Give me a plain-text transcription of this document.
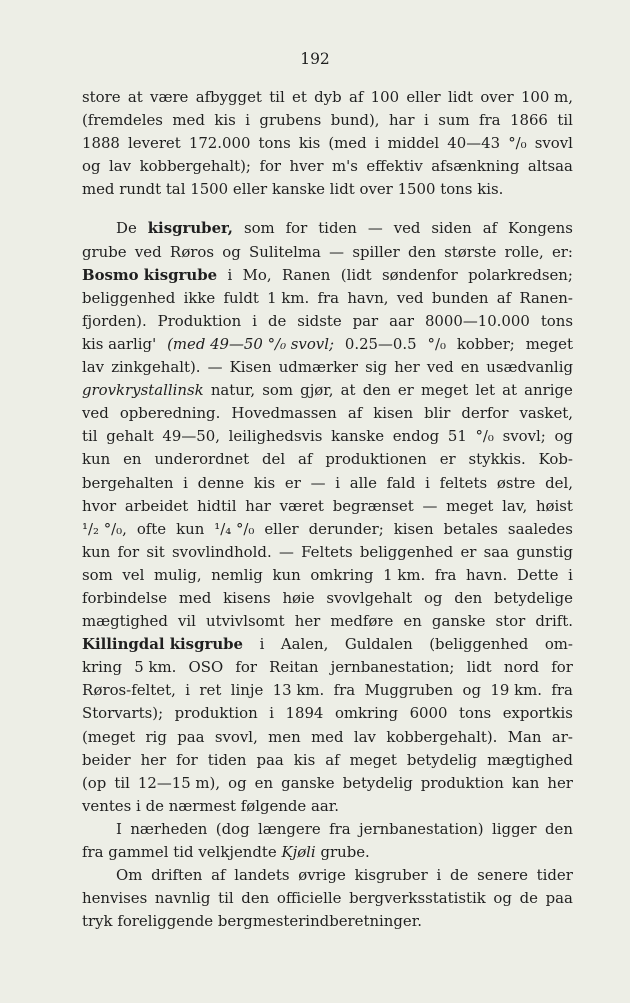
192
store at være afbygget til et dyb af 100 eller lidt over 100 m,
(fremdeles med kis i grubens bund), har i sum fra 1866 til
1888 leveret 172.000 tons kis (med i middel 40—43 °/₀ svovl
og lav kobbergehalt); for hver m's effektiv afsænkning altsaa
med rundt tal 1500 eller kanske lidt over 1500 tons kis.
De kisgruber, som for tiden — ved siden af Kongens
grube ved Røros og Sulitelma — spiller den største rolle, er:
Bosmo kisgrube i Mo, Ranen (lidt søndenfor polarkredsen;
beliggenhed ikke fuldt 1 km. fra havn, ved bunden af Ranen-
fjorden). Produktion i de sidste par aar 8000—10.000 tons
kis aarlig' (med 49—50 °/₀ svovl; 0.25—0.5 °/₀ kobber; meget
lav zinkgehalt). — Kisen udmærker sig her ved en usædvanlig
grovkrystallinsk natur, som gjør, at den er meget let at anrige
ved opberedning. Hovedmassen af kisen blir derfor vasket,
til gehalt 49—50, leilighedsvis kanske endog 51 °/₀ svovl; og
kun en underordnet del af produktionen er stykkis. Kob-
bergehalten i denne kis er — i alle fald i feltets østre del,
hvor arbeidet hidtil har været begrænset — meget lav, høist
¹/₂ °/₀, ofte kun ¹/₄ °/₀ eller derunder; kisen betales saaledes
kun for sit svovlindhold. — Feltets beliggenhed er saa gunstig
som vel mulig, nemlig kun omkring 1 km. fra havn. Dette i
forbindelse med kisens høie svovlgehalt og den betydelige
mægtighed vil utvivlsomt her medføre en ganske stor drift.
Killingdal kisgrube i Aalen, Guldalen (beliggenhed om-
kring 5 km. OSO for Reitan jernbanestation; lidt nord for
Røros-feltet, i ret linje 13 km. fra Muggruben og 19 km. fra
Storvarts); produktion i 1894 omkring 6000 tons exportkis
(meget rig paa svovl, men med lav kobbergehalt). Man ar-
beider her for tiden paa kis af meget betydelig mægtighed
(op til 12—15 m), og en ganske betydelig produktion kan her
ventes i de nærmest følgende aar.
I nærheden (dog længere fra jernbanestation) ligger den
fra gammel tid velkjendte Kjøli grube.
Om driften af landets øvrige kisgruber i de senere tider
henvises navnlig til den officielle bergverksstatistik og de paa
tryk foreliggende bergmesterindberetninger.
